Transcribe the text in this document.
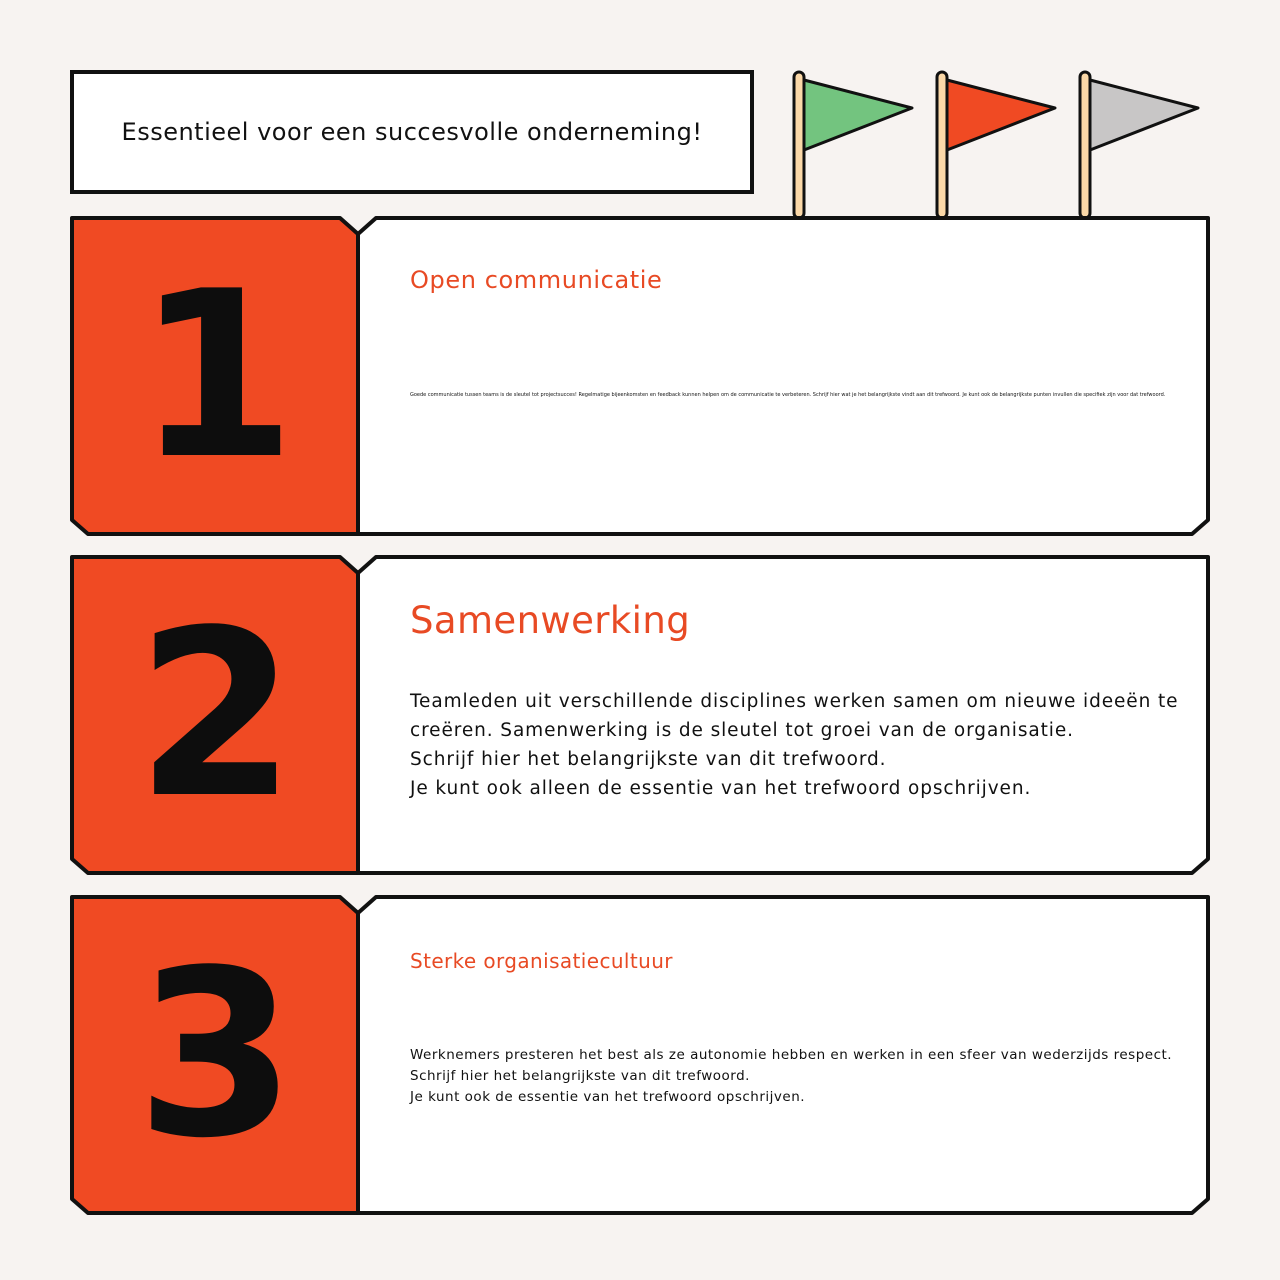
Essentieel voor een succesvolle onderneming!
1	Open communicatie
Goede communicatie tussen teams is de sleutel tot projectsucces! Regelmatige bijeenkomsten en feedback kunnen helpen om de communicatie te verbeteren. Schrijf hier wat je het belangrijkste vindt aan dit trefwoord. Je kunt ook de belangrijkste punten invullen die specifiek zijn voor dat trefwoord.
2	Samenwerking
Teamleden uit verschillende disciplines werken samen om nieuwe ideeën te creëren. Samenwerking is de sleutel tot groei van de organisatie.
Schrijf hier het belangrijkste van dit trefwoord.
Je kunt ook alleen de essentie van het trefwoord opschrijven.
3	Sterke organisatiecultuur
Werknemers presteren het best als ze autonomie hebben en werken in een sfeer van wederzijds respect.
Schrijf hier het belangrijkste van dit trefwoord.
Je kunt ook de essentie van het trefwoord opschrijven.
